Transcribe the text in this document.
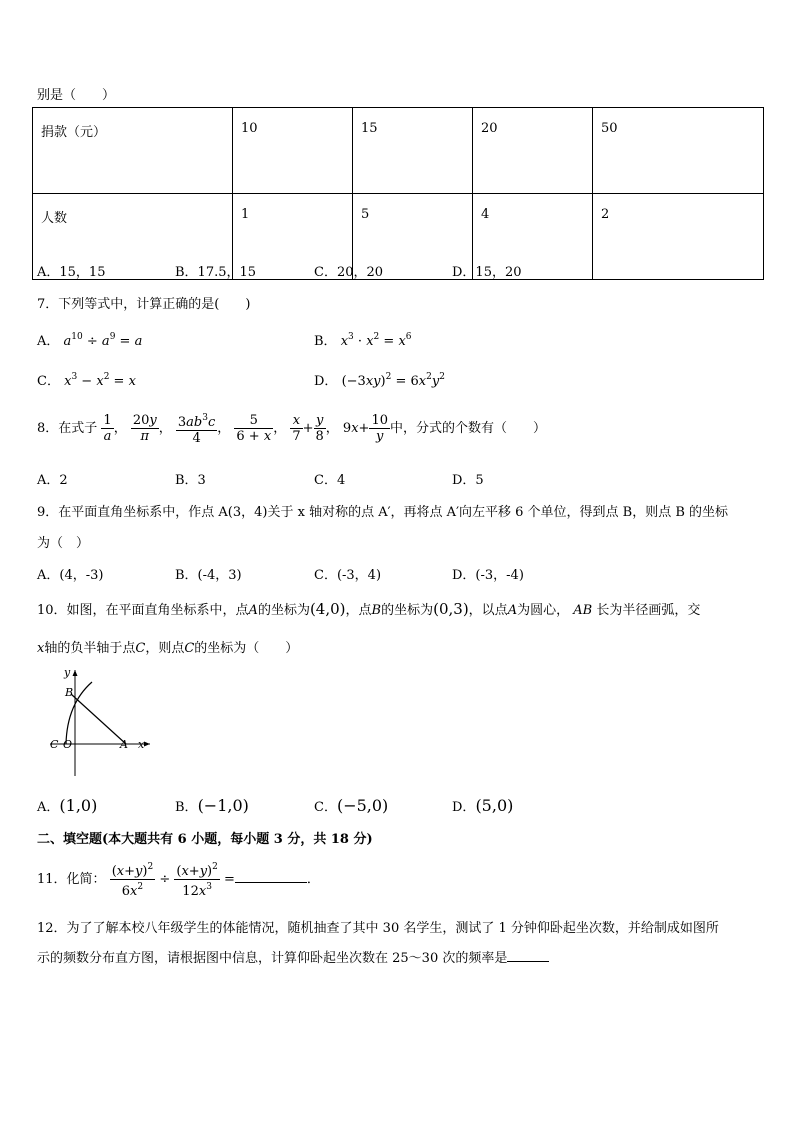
别是（　　）
捐款（元）	10	15	20	50
人数	1	5	4	2
A．15，15	B．17.5，15	C．20，20	D．15，20
7．下列等式中，计算正确的是(　　)
A． $a^{10} \div a^9 = a$	B． $x^3 \cdot x^2 = x^6$
C． $x^3 - x^2 = x$	D． $(-3xy)^2 = 6x^2y^2$
8．在式子 $\frac{1}{a}$ ， $\frac{20y}{\pi}$ ， $\frac{3ab^3c}{4}$ ， $\frac{5}{6 + x}$ ， $\frac{x}{7} + \frac{y}{8}$ ， $9x+ \frac{10}{y}$ 中，分式的个数有（　　）
A．2	B．3	C．4	D．5
9．在平面直角坐标系中，作点 A(3，4)关于 x 轴对称的点 A′，再将点 A′向左平移 6 个单位，得到点 B，则点 B 的坐标
为（　）
A．(4，-3)	B．(-4，3)	C．(-3，4)	D．(-3，-4)
10．如图，在平面直角坐标系中，点A的坐标为(4,0)，点B的坐标为(0,3)，以点A为圆心， AB 长为半径画弧，交
x轴的负半轴于点C，则点C的坐标为（　　）
y
B
C O	A x
A．(1,0)	B．(−1,0)	C．(−5,0)	D．(5,0)
二、填空题(本大题共有 6 小题，每小题 3 分，共 18 分)
11．化简： $\frac{(x+y)^2}{6x^2} \div \frac{(x+y)^2}{12x^3}$ =	．
12．为了了解本校八年级学生的体能情况，随机抽查了其中 30 名学生，测试了 1 分钟仰卧起坐次数，并给制成如图所
示的频数分布直方图，请根据图中信息，计算仰卧起坐次数在 25～30 次的频率是
